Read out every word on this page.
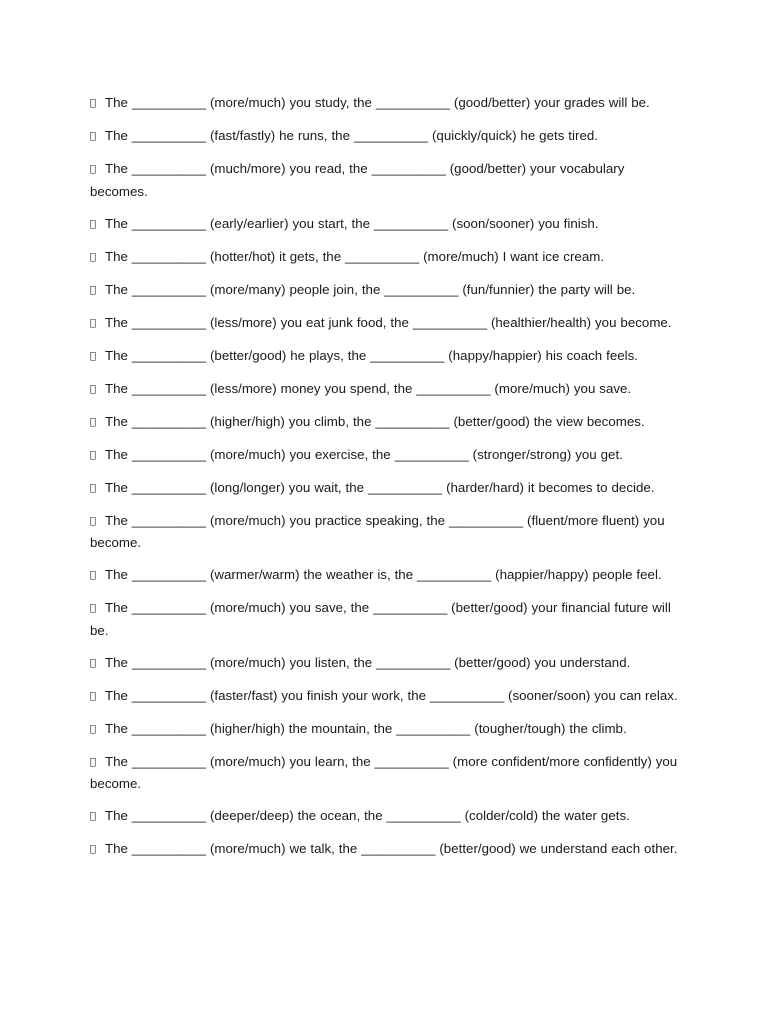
The __________ (more/much) you study, the __________ (good/better) your grades will be.

The __________ (fast/fastly) he runs, the __________ (quickly/quick) he gets tired.

The __________ (much/more) you read, the __________ (good/better) your vocabulary becomes.

The __________ (early/earlier) you start, the __________ (soon/sooner) you finish.

The __________ (hotter/hot) it gets, the __________ (more/much) I want ice cream.

The __________ (more/many) people join, the __________ (fun/funnier) the party will be.

The __________ (less/more) you eat junk food, the __________ (healthier/health) you become.

The __________ (better/good) he plays, the __________ (happy/happier) his coach feels.

The __________ (less/more) money you spend, the __________ (more/much) you save.

The __________ (higher/high) you climb, the __________ (better/good) the view becomes.

The __________ (more/much) you exercise, the __________ (stronger/strong) you get.

The __________ (long/longer) you wait, the __________ (harder/hard) it becomes to decide.

The __________ (more/much) you practice speaking, the __________ (fluent/more fluent) you become.

The __________ (warmer/warm) the weather is, the __________ (happier/happy) people feel.

The __________ (more/much) you save, the __________ (better/good) your financial future will be.

The __________ (more/much) you listen, the __________ (better/good) you understand.

The __________ (faster/fast) you finish your work, the __________ (sooner/soon) you can relax.

The __________ (higher/high) the mountain, the __________ (tougher/tough) the climb.

The __________ (more/much) you learn, the __________ (more confident/more confidently) you become.

The __________ (deeper/deep) the ocean, the __________ (colder/cold) the water gets.

The __________ (more/much) we talk, the __________ (better/good) we understand each other.
